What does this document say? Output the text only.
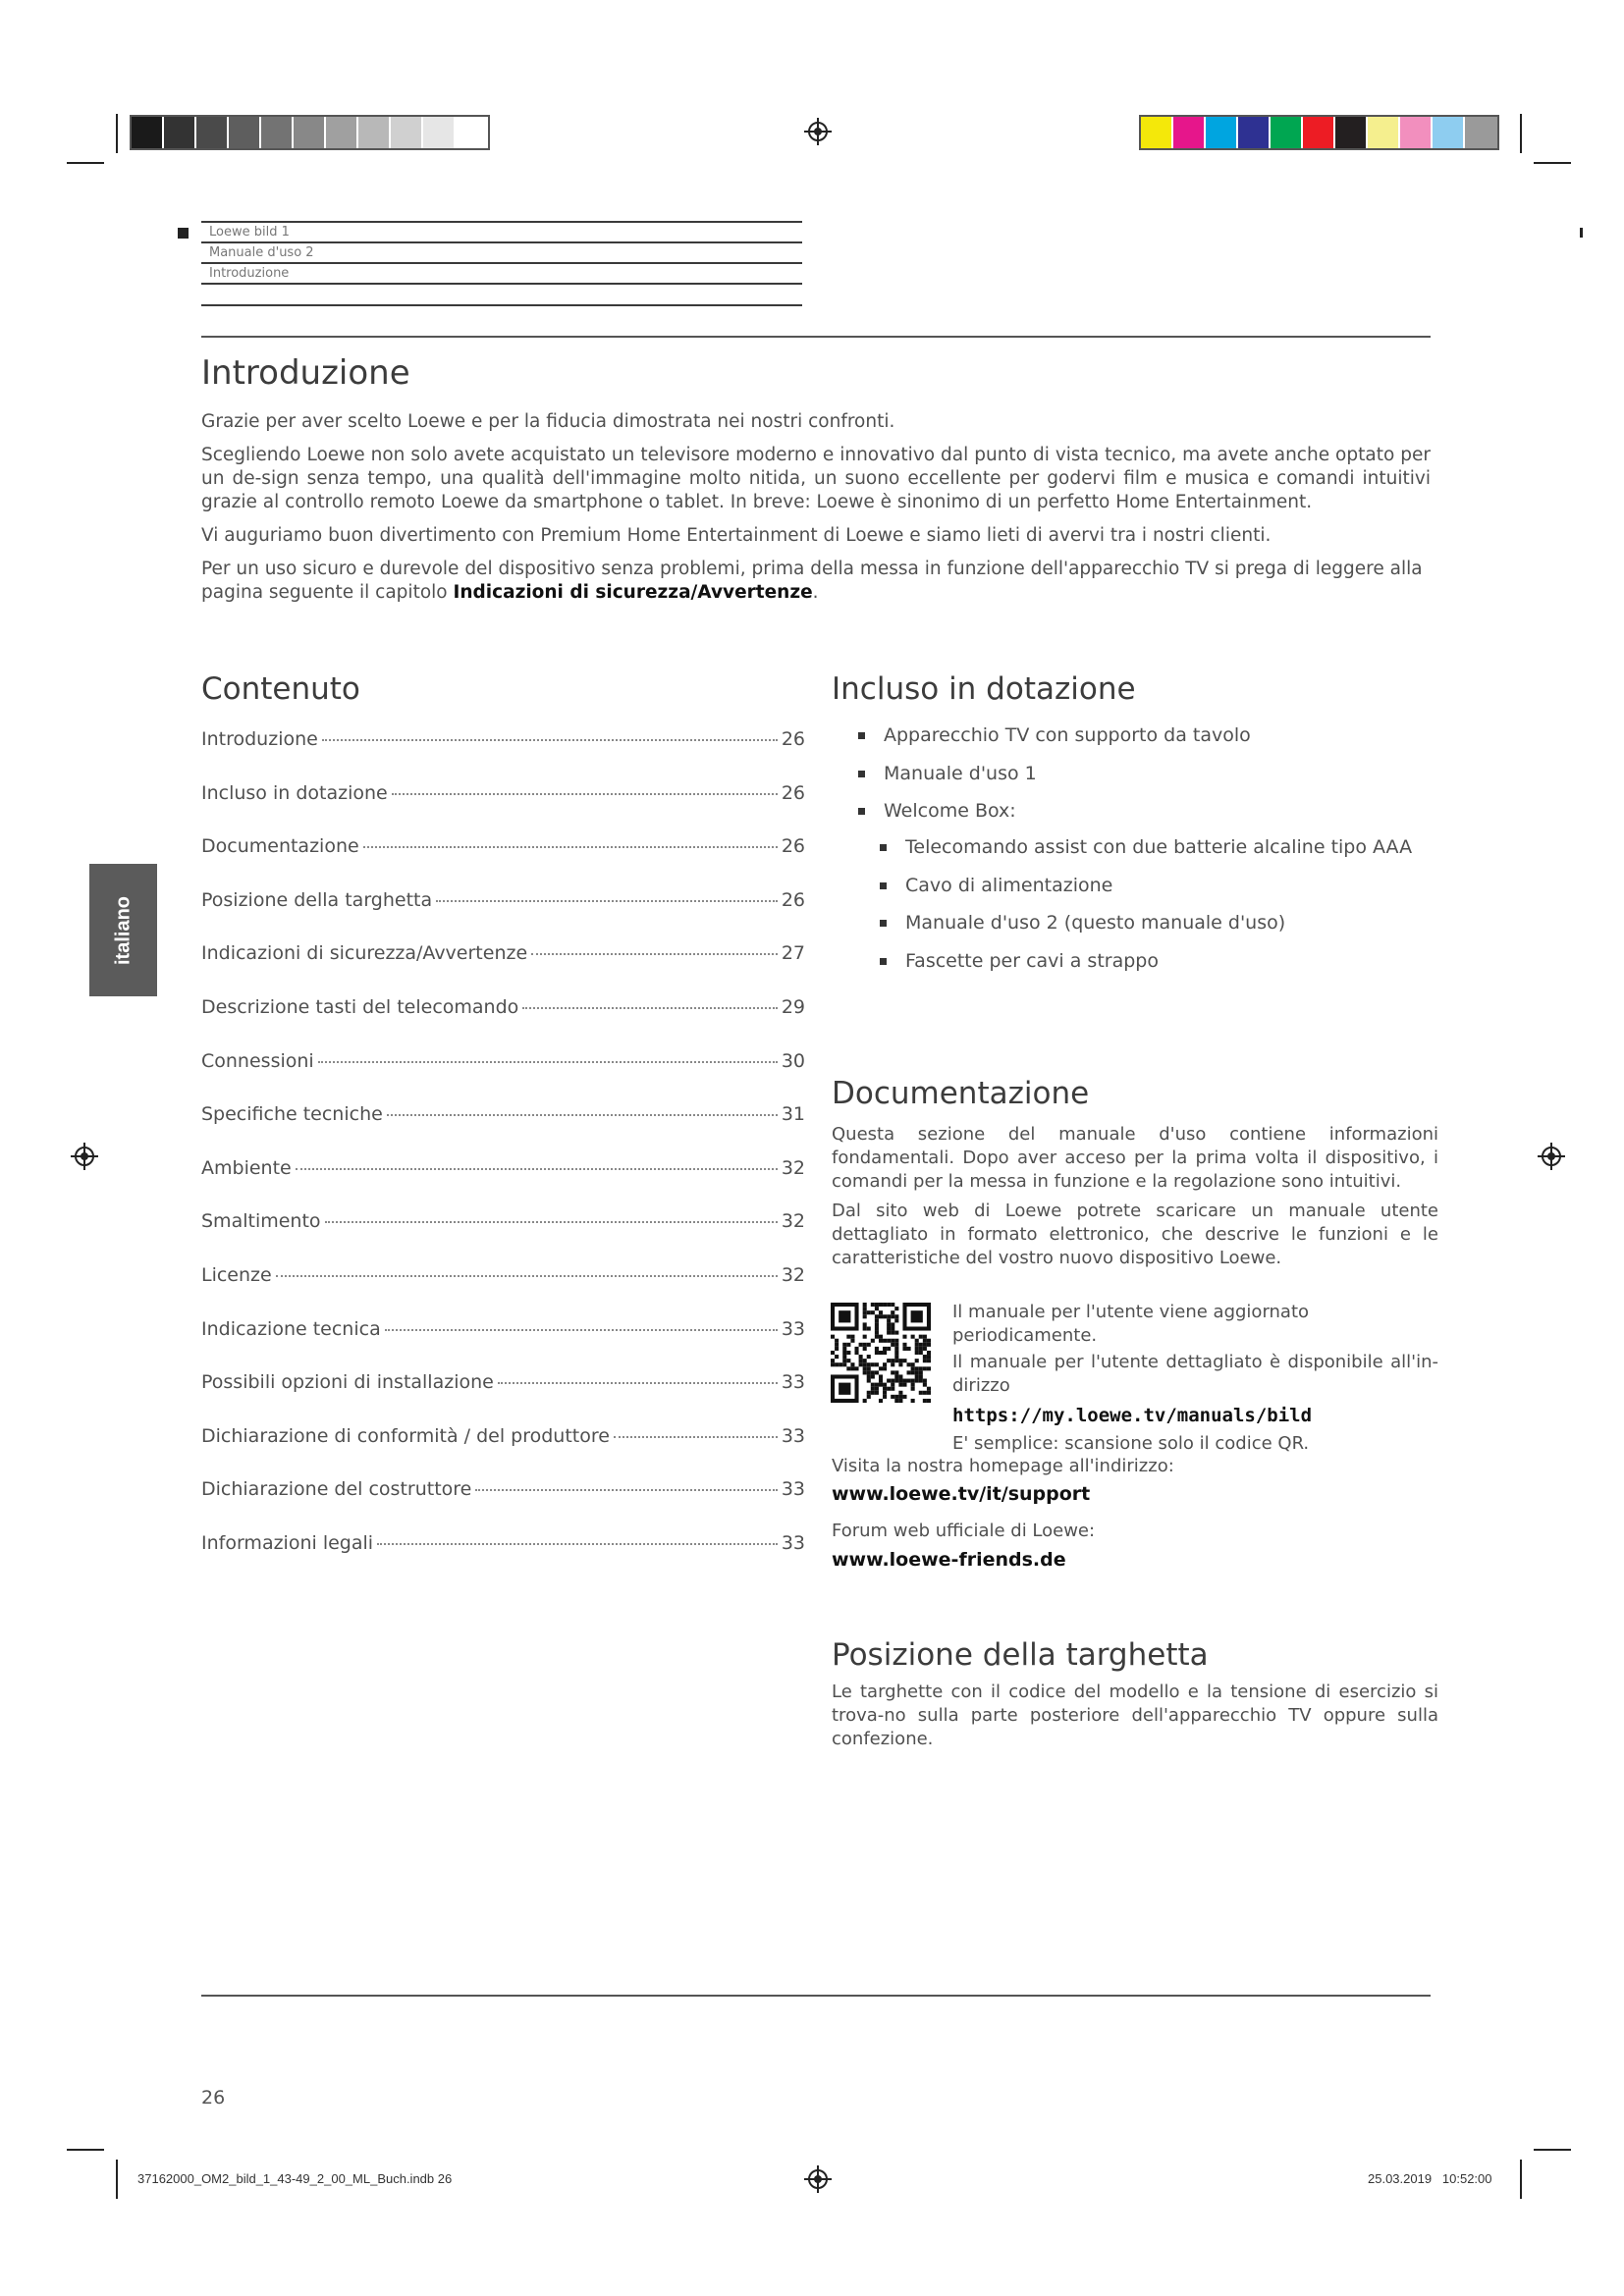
Loewe bild 1
Manuale d'uso 2
Introduzione
Introduzione

Grazie per aver scelto Loewe e per la fiducia dimostrata nei nostri confronti.

Scegliendo Loewe non solo avete acquistato un televisore moderno e innovativo dal punto di vista tecnico, ma avete anche optato per un de-sign senza tempo, una qualità dell'immagine molto nitida, un suono eccellente per godervi film e musica e comandi intuitivi grazie al controllo remoto Loewe da smartphone o tablet. In breve: Loewe è sinonimo di un perfetto Home Entertainment.

Vi auguriamo buon divertimento con Premium Home Entertainment di Loewe e siamo lieti di avervi tra i nostri clienti.

Per un uso sicuro e durevole del dispositivo senza problemi, prima della messa in funzione dell'apparecchio TV si prega di leggere alla pagina seguente il capitolo Indicazioni di sicurezza/Avvertenze.

italiano
Contenuto
Introduzione	26
Incluso in dotazione	26
Documentazione	26
Posizione della targhetta	26
Indicazioni di sicurezza/Avvertenze	27
Descrizione tasti del telecomando	29
Connessioni	30
Specifiche tecniche	31
Ambiente	32
Smaltimento	32
Licenze	32
Indicazione tecnica	33
Possibili opzioni di installazione	33
Dichiarazione di conformità / del produttore	33
Dichiarazione del costruttore	33
Informazioni legali	33
Incluso in dotazione
Apparecchio TV con supporto da tavolo
Manuale d'uso 1
Welcome Box:
Telecomando assist con due batterie alcaline tipo AAA
Cavo di alimentazione
Manuale d'uso 2 (questo manuale d'uso)
Fascette per cavi a strappo
Documentazione
Questa sezione del manuale d'uso contiene informazioni fondamentali. Dopo aver acceso per la prima volta il dispositivo, i comandi per la messa in funzione e la regolazione sono intuitivi.
Dal sito web di Loewe potrete scaricare un manuale utente dettagliato in formato elettronico, che descrive le funzioni e le caratteristiche del vostro nuovo dispositivo Loewe.
Il manuale per l'utente viene aggiornato periodicamente.
Il manuale per l'utente dettagliato è disponibile all'in-dirizzo
https://my.loewe.tv/manuals/bild
E' semplice: scansione solo il codice QR.
Visita la nostra homepage all'indirizzo:
www.loewe.tv/it/support
Forum web ufficiale di Loewe:
www.loewe-friends.de
Posizione della targhetta
Le targhette con il codice del modello e la tensione di esercizio si trova-no sulla parte posteriore dell'apparecchio TV oppure sulla confezione.
26
37162000_OM2_bild_1_43-49_2_00_ML_Buch.indb 26	25.03.2019   10:52:00
